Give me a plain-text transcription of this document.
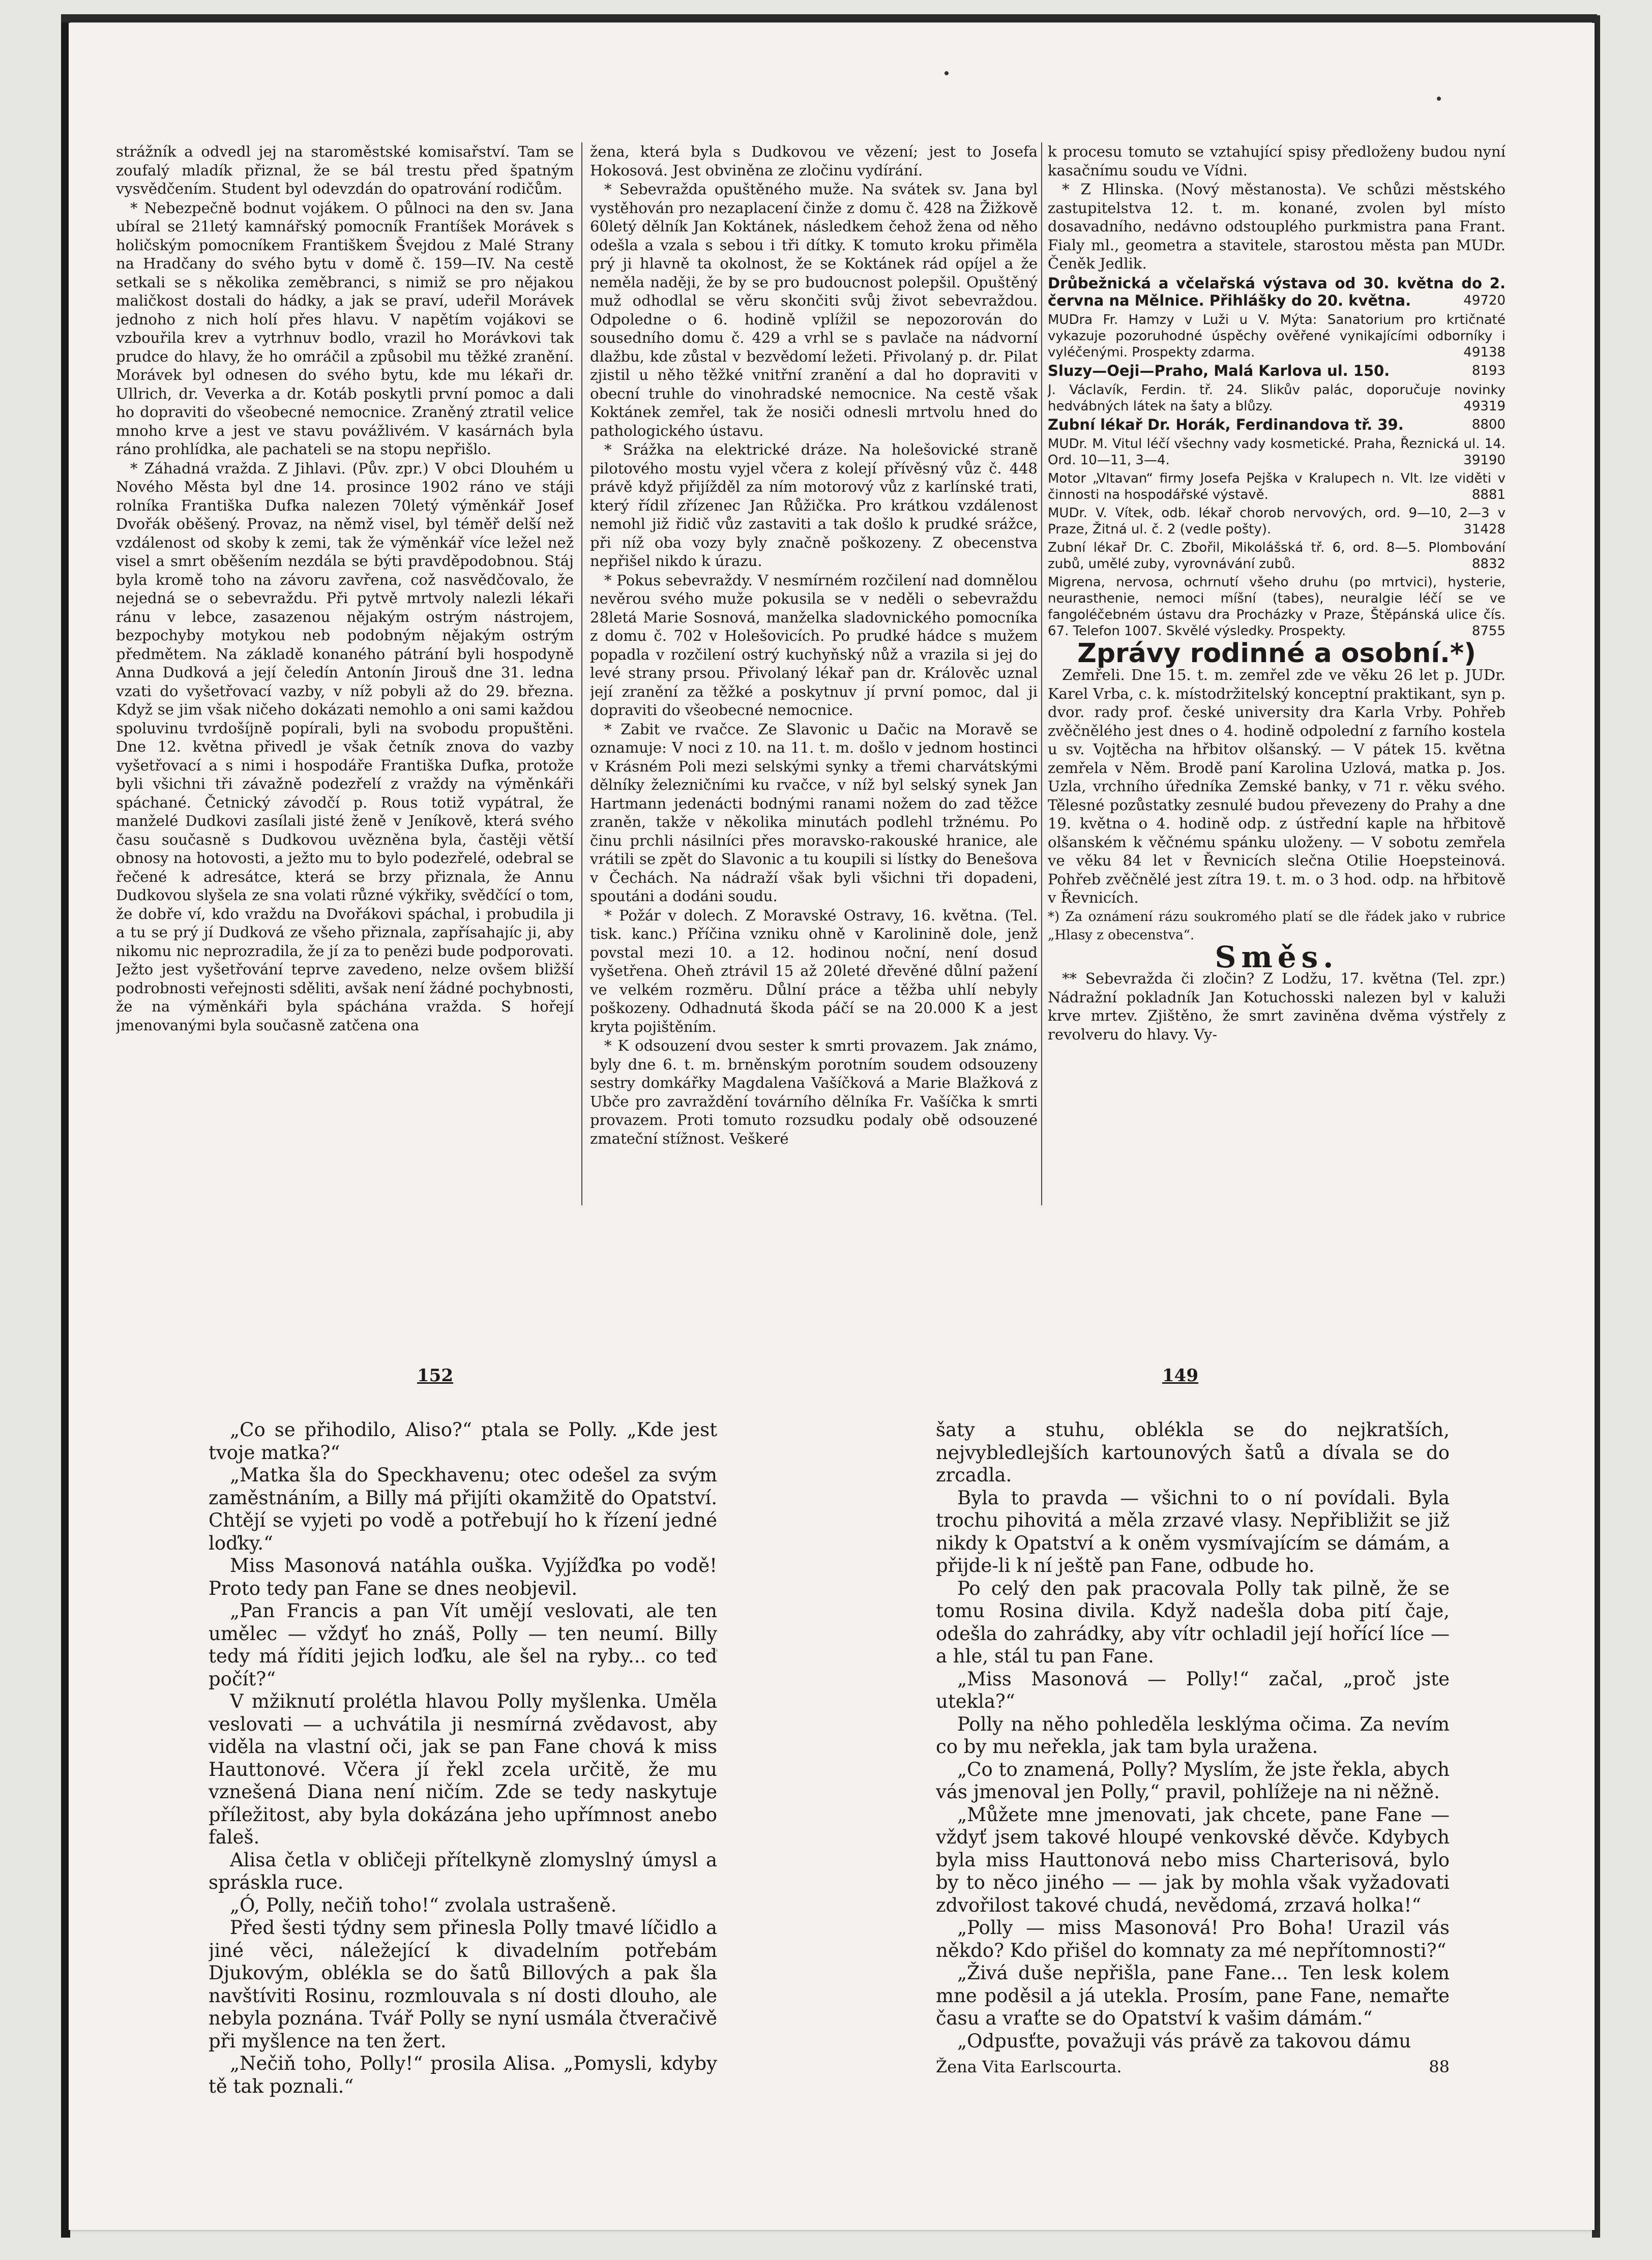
strážník a odvedl jej na staroměstské komisařství. Tam se zoufalý mladík přiznal, že se bál trestu před špatným vysvědčením. Student byl odevzdán do opatrování rodičům.

* Nebezpečně bodnut vojákem. O půlnoci na den sv. Jana ubíral se 21letý kamnářský pomocník Frantíšek Morávek s holičským pomocníkem Františkem Švejdou z Malé Strany na Hradčany do svého bytu v domě č. 159—IV. Na cestě setkali se s několika zeměbranci, s nimiž se pro nějakou maličkost dostali do hádky, a jak se praví, udeřil Morávek jednoho z nich holí přes hlavu. V napětím vojákovi se vzbouřila krev a vytrhnuv bodlo, vrazil ho Morávkovi tak prudce do hlavy, že ho omráčil a způsobil mu těžké zranění. Morávek byl odnesen do svého bytu, kde mu lékaři dr. Ullrich, dr. Veverka a dr. Kotáb poskytli první pomoc a dali ho dopraviti do všeobecné nemocnice. Zraněný ztratil velice mnoho krve a jest ve stavu povážlivém. V kasárnách byla ráno prohlídka, ale pachateli se na stopu nepřišlo.

* Záhadná vražda. Z Jihlavi. (Pův. zpr.) V obci Dlouhém u Nového Města byl dne 14. prosince 1902 ráno ve stáji rolníka Františka Dufka nalezen 70letý výměnkář Josef Dvořák oběšený. Provaz, na němž visel, byl téměř delší než vzdálenost od skoby k zemi, tak že výměnkář více ležel než visel a smrt oběšením nezdála se býti pravděpodobnou. Stáj byla kromě toho na závoru zavřena, což nasvědčovalo, že nejedná se o sebevraždu. Při pytvě mrtvoly nalezli lékaři ránu v lebce, zasazenou nějakým ostrým nástrojem, bezpochyby motykou neb podobným nějakým ostrým předmětem. Na základě konaného pátrání byli hospodyně Anna Dudková a její čeledín Antonín Jirouš dne 31. ledna vzati do vyšetřovací vazby, v níž pobyli až do 29. března. Když se jim však ničeho dokázati nemohlo a oni sami každou spoluvinu tvrdošíjně popírali, byli na svobodu propuštěni. Dne 12. května přivedl je však četník znova do vazby vyšetřovací a s nimi i hospodáře Františka Dufka, protože byli všichni tři závažně podezřelí z vraždy na výměnkáři spáchané. Četnický závodčí p. Rous totiž vypátral, že manželé Dudkovi zasílali jisté ženě v Jeníkově, která svého času současně s Dudkovou uvězněna byla, častěji větší obnosy na hotovosti, a ježto mu to bylo podezřelé, odebral se řečené k adresátce, která se brzy přiznala, že Annu Dudkovou slyšela ze sna volati různé výkřiky, svědčící o tom, že dobře ví, kdo vraždu na Dvořákovi spáchal, i probudila ji a tu se prý jí Dudková ze všeho přiznala, zapřísahajíc ji, aby nikomu nic neprozradila, že jí za to penězi bude podporovati. Ježto jest vyšetřování teprve zavedeno, nelze ovšem bližší podrobnosti veřejnosti sděliti, avšak není žádné pochybnosti, že na výměnkáři byla spáchána vražda. S hořejí jmenovanými byla současně zatčena ona

žena, která byla s Dudkovou ve vězení; jest to Josefa Hokosová. Jest obviněna ze zločinu vydírání.

* Sebevražda opuštěného muže. Na svátek sv. Jana byl vystěhován pro nezaplacení činže z domu č. 428 na Žižkově 60letý dělník Jan Koktánek, následkem čehož žena od něho odešla a vzala s sebou i tři dítky. K tomuto kroku přiměla prý ji hlavně ta okolnost, že se Koktánek rád opíjel a že neměla naději, že by se pro budoucnost polepšil. Opuštěný muž odhodlal se věru skončiti svůj život sebevraždou. Odpoledne o 6. hodině vplížil se nepozorován do sousedního domu č. 429 a vrhl se s pavlače na nádvorní dlažbu, kde zůstal v bezvědomí ležeti. Přivolaný p. dr. Pilat zjistil u něho těžké vnitřní zranění a dal ho dopraviti v obecní truhle do vinohradské nemocnice. Na cestě však Koktánek zemřel, tak že nosiči odnesli mrtvolu hned do pathologického ústavu.

* Srážka na elektrické dráze. Na holešovické straně pilotového mostu vyjel včera z kolejí přívěsný vůz č. 448 právě když přijížděl za ním motorový vůz z karlínské trati, který řídil zřízenec Jan Růžička. Pro krátkou vzdálenost nemohl již řidič vůz zastaviti a tak došlo k prudké srážce, při níž oba vozy byly značně poškozeny. Z obecenstva nepřišel nikdo k úrazu.

* Pokus sebevraždy. V nesmírném rozčilení nad domnělou nevěrou svého muže pokusila se v neděli o sebevraždu 28letá Marie Sosnová, manželka sladovnického pomocníka z domu č. 702 v Holešovicích. Po prudké hádce s mužem popadla v rozčilení ostrý kuchyňský nůž a vrazila si jej do levé strany prsou. Přivolaný lékař pan dr. Králověc uznal její zranění za těžké a poskytnuv jí první pomoc, dal ji dopraviti do všeobecné nemocnice.

* Zabit ve rvačce. Ze Slavonic u Dačic na Moravě se oznamuje: V noci z 10. na 11. t. m. došlo v jednom hostinci v Krásném Poli mezi selskými synky a třemi charvátskými dělníky železničními ku rvačce, v níž byl selský synek Jan Hartmann jedenácti bodnými ranami nožem do zad těžce zraněn, takže v několika minutách podlehl tržnému. Po činu prchli násilníci přes moravsko-rakouské hranice, ale vrátili se zpět do Slavonic a tu koupili si lístky do Benešova v Čechách. Na nádraží však byli všichni tři dopadeni, spoutáni a dodáni soudu.

* Požár v dolech. Z Moravské Ostravy, 16. května. (Tel. tisk. kanc.) Příčina vzniku ohně v Karolinině dole, jenž povstal mezi 10. a 12. hodinou noční, není dosud vyšetřena. Oheň ztrávil 15 až 20leté dřevěné důlní pažení ve velkém rozměru. Důlní práce a těžba uhlí nebyly poškozeny. Odhadnutá škoda páčí se na 20.000 K a jest kryta pojištěním.

* K odsouzení dvou sester k smrti provazem. Jak známo, byly dne 6. t. m. brněnským porotním soudem odsouzeny sestry domkářky Magdalena Vašíčková a Marie Blažková z Ubče pro zavraždění továrního dělníka Fr. Vašíčka k smrti provazem. Proti tomuto rozsudku podaly obě odsouzené zmateční stížnost. Veškeré

k procesu tomuto se vztahující spisy předloženy budou nyní kasačnímu soudu ve Vídni.

* Z Hlinska. (Nový městanosta). Ve schůzi městského zastupitelstva 12. t. m. konané, zvolen byl místo dosavadního, nedávno odstouplého purkmistra pana Frant. Fialy ml., geometra a stavitele, starostou města pan MUDr. Čeněk Jedlik.

Drůbežnická a včelařská výstava od 30. května do 2. června na Mělnice. Přihlášky do 20. května.	49720
MUDra Fr. Hamzy v Luži u V. Mýta: Sanatorium pro krtičnaté vykazuje pozoruhodné úspěchy ověřené vynikajícími odborníky i vyléčenými. Prospekty zdarma.	49138
Sluzy—Oeji—Praho, Malá Karlova ul. 150.	8193
J. Václavík, Ferdin. tř. 24. Slikův palác, doporučuje novinky hedvábných látek na šaty a blůzy.	49319
Zubní lékař Dr. Horák, Ferdinandova tř. 39.	8800
MUDr. M. Vitul léčí všechny vady kosmetické. Praha, Řeznická ul. 14. Ord. 10—11, 3—4.	39190
Motor „Vltavan“ firmy Josefa Pejška v Kralupech n. Vlt. lze viděti v činnosti na hospodářské výstavě.	8881
MUDr. V. Vítek, odb. lékař chorob nervových, ord. 9—10, 2—3 v Praze, Žitná ul. č. 2 (vedle pošty).	31428
Zubní lékař Dr. C. Zbořil, Mikolášská tř. 6, ord. 8—5. Plombování zubů, umělé zuby, vyrovnávání zubů.	8832
Migrena, nervosa, ochrnutí všeho druhu (po mrtvici), hysterie, neurasthenie, nemoci míšní (tabes), neuralgie léčí se ve fangoléčebném ústavu dra Procházky v Praze, Štěpánská ulice čís. 67. Telefon 1007. Skvělé výsledky. Prospekty.	8755
Zprávy rodinné a osobní.*)

Zemřeli. Dne 15. t. m. zemřel zde ve věku 26 let p. JUDr. Karel Vrba, c. k. místodržitelský konceptní praktikant, syn p. dvor. rady prof. české university dra Karla Vrby. Pohřeb zvěčnělého jest dnes o 4. hodině odpolední z farního kostela u sv. Vojtěcha na hřbitov olšanský. — V pátek 15. května zemřela v Něm. Brodě paní Karolina Uzlová, matka p. Jos. Uzla, vrchního úředníka Zemské banky, v 71 r. věku svého. Tělesné pozůstatky zesnulé budou převezeny do Prahy a dne 19. května o 4. hodině odp. z ústřední kaple na hřbitově olšanském k věčnému spánku uloženy. — V sobotu zemřela ve věku 84 let v Řevnicích slečna Otilie Hoepsteinová. Pohřeb zvěčnělé jest zítra 19. t. m. o 3 hod. odp. na hřbitově v Řevnicích.

*) Za oznámení rázu soukromého platí se dle řádek jako v rubrice „Hlasy z obecenstva“.

Směs.

** Sebevražda či zločin? Z Lodžu, 17. května (Tel. zpr.) Nádražní pokladník Jan Kotuchosski nalezen byl v kaluži krve mrtev. Zjištěno, že smrt zaviněna dvěma výstřely z revolveru do hlavy. Vy-

152	149

„Co se přihodilo, Aliso?“ ptala se Polly. „Kde jest tvoje matka?“

„Matka šla do Speckhavenu; otec odešel za svým zaměstnáním, a Billy má přijíti okamžitě do Opatství. Chtějí se vyjeti po vodě a potřebují ho k řízení jedné loďky.“

Miss Masonová natáhla ouška. Vyjížďka po vodě! Proto tedy pan Fane se dnes neobjevil.

„Pan Francis a pan Vít umějí veslovati, ale ten umělec — vždyť ho znáš, Polly — ten neumí. Billy tedy má říditi jejich loďku, ale šel na ryby... co teď počít?“

V mžiknutí prolétla hlavou Polly myšlenka. Uměla veslovati — a uchvátila ji nesmírná zvědavost, aby viděla na vlastní oči, jak se pan Fane chová k miss Hauttonové. Včera jí řekl zcela určitě, že mu vznešená Diana není ničím. Zde se tedy naskytuje příležitost, aby byla dokázána jeho upřímnost anebo faleš.

Alisa četla v obličeji přítelkyně zlomyslný úmysl a spráskla ruce.

„Ó, Polly, nečiň toho!“ zvolala ustrašeně.

Před šesti týdny sem přinesla Polly tmavé líčidlo a jiné věci, náležející k divadelním potřebám Djukovým, oblékla se do šatů Billových a pak šla navštíviti Rosinu, rozmlouvala s ní dosti dlouho, ale nebyla poznána. Tvář Polly se nyní usmála čtveračivě při myšlence na ten žert.

„Nečiň toho, Polly!“ prosila Alisa. „Pomysli, kdyby tě tak poznali.“

šaty a stuhu, oblékla se do nejkratších, nejvybledlejších kartounových šatů a dívala se do zrcadla.

Byla to pravda — všichni to o ní povídali. Byla trochu pihovitá a měla zrzavé vlasy. Nepřibližit se již nikdy k Opatství a k oněm vysmívajícím se dámám, a přijde-li k ní ještě pan Fane, odbude ho.

Po celý den pak pracovala Polly tak pilně, že se tomu Rosina divila. Když nadešla doba pití čaje, odešla do zahrádky, aby vítr ochladil její hořící líce — a hle, stál tu pan Fane.

„Miss Masonová — Polly!“ začal, „proč jste utekla?“

Polly na něho pohleděla lesklýma očima. Za nevím co by mu neřekla, jak tam byla uražena.

„Co to znamená, Polly? Myslím, že jste řekla, abych vás jmenoval jen Polly,“ pravil, pohlížeje na ni něžně.

„Můžete mne jmenovati, jak chcete, pane Fane — vždyť jsem takové hloupé venkovské děvče. Kdybych byla miss Hauttonová nebo miss Charterisová, bylo by to něco jiného — — jak by mohla však vyžadovati zdvořilost takové chudá, nevědomá, zrzavá holka!“

„Polly — miss Masonová! Pro Boha! Urazil vás někdo? Kdo přišel do komnaty za mé nepřítomnosti?“

„Živá duše nepřišla, pane Fane... Ten lesk kolem mne poděsil a já utekla. Prosím, pane Fane, nemařte času a vraťte se do Opatství k vašim dámám.“

„Odpusťte, považuji vás právě za takovou dámu

Žena Vita Earlscourta.	88
